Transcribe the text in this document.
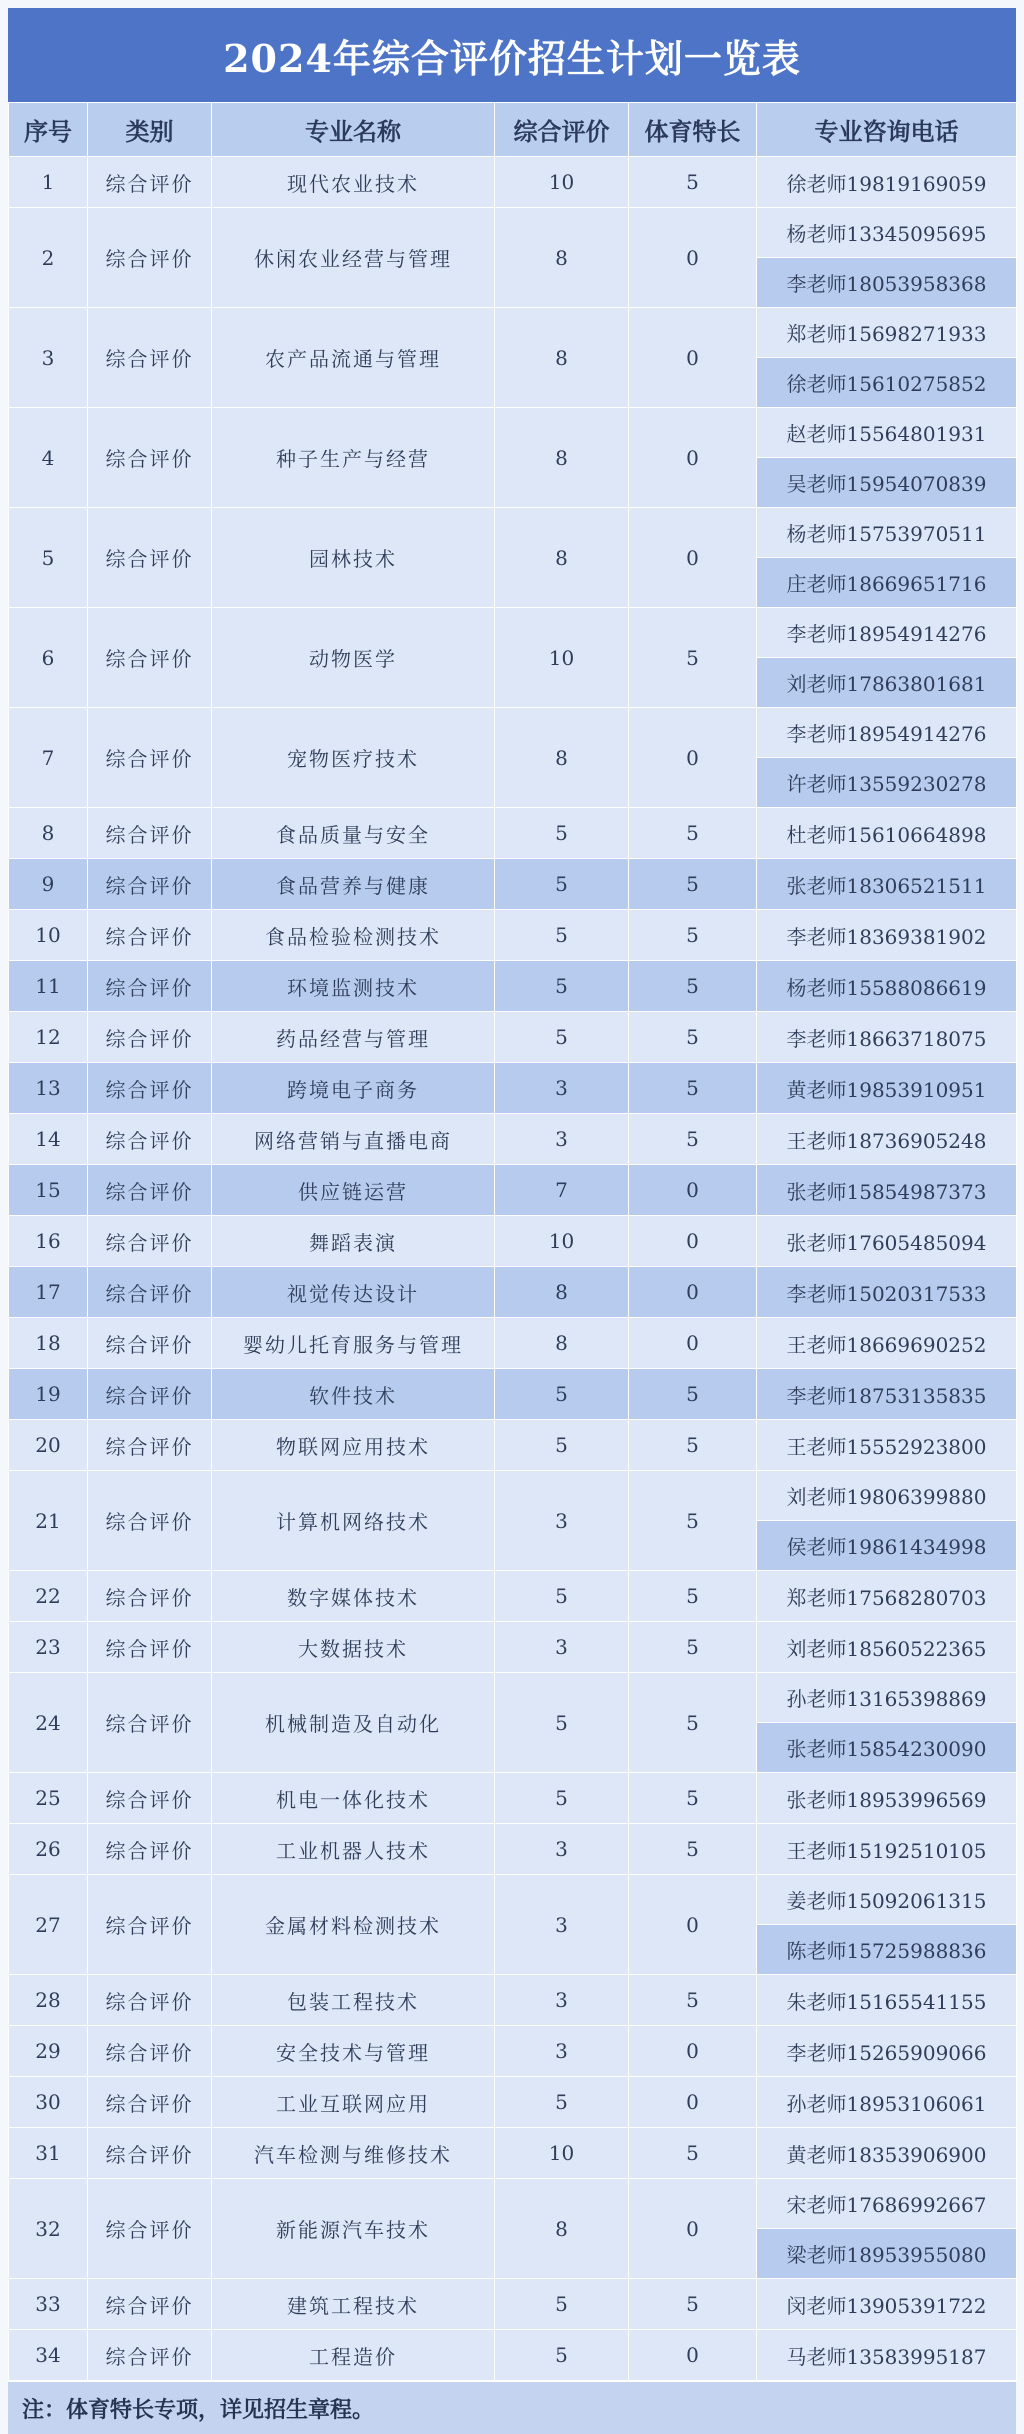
2024年综合评价招生计划一览表
序号	类别	专业名称	综合评价	体育特长	专业咨询电话
1	综合评价	现代农业技术	10	5	徐老师19819169059
2	综合评价	休闲农业经营与管理	8	0	杨老师13345095695
					李老师18053958368
3	综合评价	农产品流通与管理	8	0	郑老师15698271933
					徐老师15610275852
4	综合评价	种子生产与经营	8	0	赵老师15564801931
					吴老师15954070839
5	综合评价	园林技术	8	0	杨老师15753970511
					庄老师18669651716
6	综合评价	动物医学	10	5	李老师18954914276
					刘老师17863801681
7	综合评价	宠物医疗技术	8	0	李老师18954914276
					许老师13559230278
8	综合评价	食品质量与安全	5	5	杜老师15610664898
9	综合评价	食品营养与健康	5	5	张老师18306521511
10	综合评价	食品检验检测技术	5	5	李老师18369381902
11	综合评价	环境监测技术	5	5	杨老师15588086619
12	综合评价	药品经营与管理	5	5	李老师18663718075
13	综合评价	跨境电子商务	3	5	黄老师19853910951
14	综合评价	网络营销与直播电商	3	5	王老师18736905248
15	综合评价	供应链运营	7	0	张老师15854987373
16	综合评价	舞蹈表演	10	0	张老师17605485094
17	综合评价	视觉传达设计	8	0	李老师15020317533
18	综合评价	婴幼儿托育服务与管理	8	0	王老师18669690252
19	综合评价	软件技术	5	5	李老师18753135835
20	综合评价	物联网应用技术	5	5	王老师15552923800
21	综合评价	计算机网络技术	3	5	刘老师19806399880
					侯老师19861434998
22	综合评价	数字媒体技术	5	5	郑老师17568280703
23	综合评价	大数据技术	3	5	刘老师18560522365
24	综合评价	机械制造及自动化	5	5	孙老师13165398869
					张老师15854230090
25	综合评价	机电一体化技术	5	5	张老师18953996569
26	综合评价	工业机器人技术	3	5	王老师15192510105
27	综合评价	金属材料检测技术	3	0	姜老师15092061315
					陈老师15725988836
28	综合评价	包装工程技术	3	5	朱老师15165541155
29	综合评价	安全技术与管理	3	0	李老师15265909066
30	综合评价	工业互联网应用	5	0	孙老师18953106061
31	综合评价	汽车检测与维修技术	10	5	黄老师18353906900
32	综合评价	新能源汽车技术	8	0	宋老师17686992667
					梁老师18953955080
33	综合评价	建筑工程技术	5	5	闵老师13905391722
34	综合评价	工程造价	5	0	马老师13583995187
注：体育特长专项，详见招生章程。
